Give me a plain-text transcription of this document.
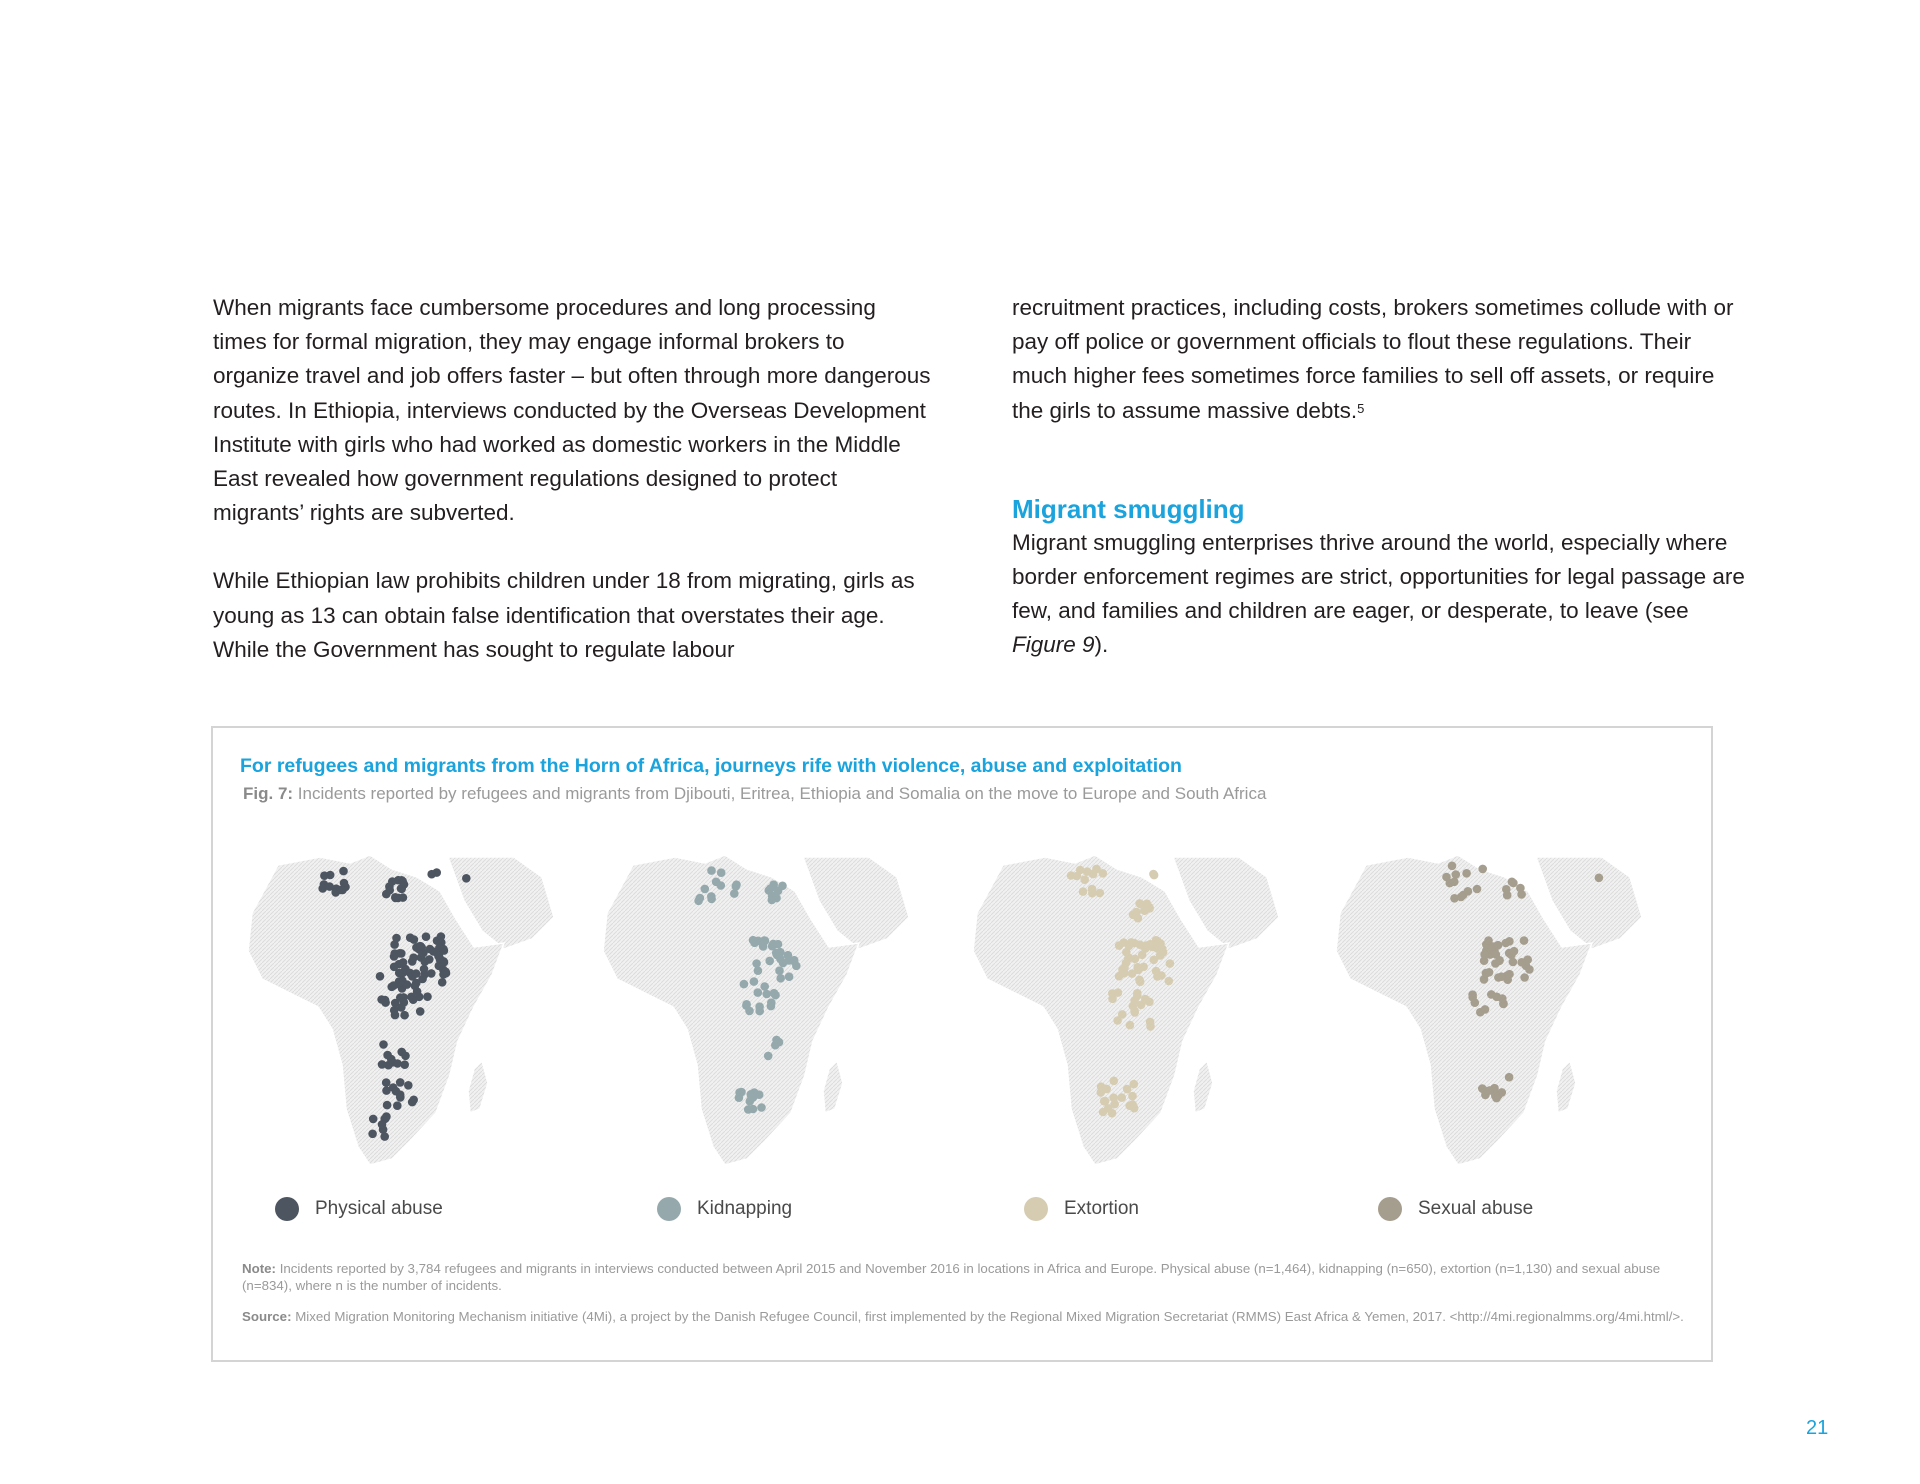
When migrants face cumbersome procedures and long processing times for formal migration, they may engage informal brokers to organize travel and job offers faster – but often through more dangerous routes. In Ethiopia, interviews conducted by the Overseas Development Institute with girls who had worked as domestic workers in the Middle East revealed how government regulations designed to protect migrants’ rights are subverted.

While Ethiopian law prohibits children under 18 from migrating, girls as young as 13 can obtain false identification that overstates their age. While the Government has sought to regulate labour

recruitment practices, including costs, brokers sometimes collude with or pay off police or government officials to flout these regulations. Their much higher fees sometimes force families to sell off assets, or require the girls to assume massive debts.$^5$

Migrant smuggling

Migrant smuggling enterprises thrive around the world, especially where border enforcement regimes are strict, opportunities for legal passage are few, and families and children are eager, or desperate, to leave (see Figure 9).

For refugees and migrants from the Horn of Africa, journeys rife with violence, abuse and exploitation
Fig. 7: Incidents reported by refugees and migrants from Djibouti, Eritrea, Ethiopia and Somalia on the move to Europe and South Africa
Physical abuse	Kidnapping	Extortion	Sexual abuse
Note: Incidents reported by 3,784 refugees and migrants in interviews conducted between April 2015 and November 2016 in locations in Africa and Europe. Physical abuse (n=1,464), kidnapping (n=650), extortion (n=1,130) and sexual abuse (n=834), where n is the number of incidents.
Source: Mixed Migration Monitoring Mechanism initiative (4Mi), a project by the Danish Refugee Council, first implemented by the Regional Mixed Migration Secretariat (RMMS) East Africa & Yemen, 2017. <http://4mi.regionalmms.org/4mi.html/>.
21
